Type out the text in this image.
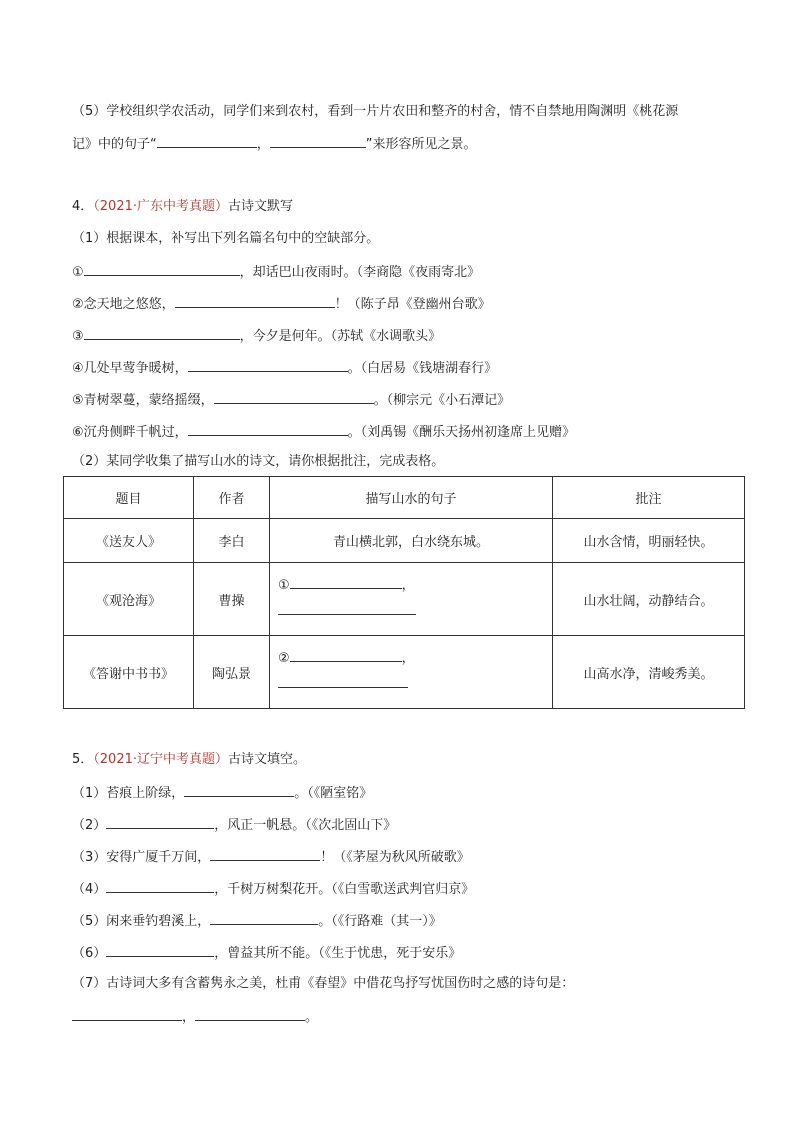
（5）学校组织学农活动，同学们来到农村，看到一片片农田和整齐的村舍，情不自禁地用陶渊明《桃花源
记》中的句子“	，	”来形容所见之景。
4．（2021·广东中考真题）古诗文默写
（1）根据课本，补写出下列名篇名句中的空缺部分。
①	，却话巴山夜雨时。（李商隐《夜雨寄北》
②念天地之悠悠，	！（陈子昂《登幽州台歌》
③	，今夕是何年。（苏轼《水调歌头》
④几处早莺争暖树，	。（白居易《钱塘湖春行》
⑤青树翠蔓，蒙络摇缀，	。（柳宗元《小石潭记》
⑥沉舟侧畔千帆过，	。（刘禹锡《酬乐天扬州初逢席上见赠》
（2）某同学收集了描写山水的诗文，请你根据批注，完成表格。
题目	作者	描写山水的句子	批注
《送友人》	李白	青山横北郭，白水绕东城。	山水含情，明丽轻快。
《观沧海》	曹操	① ，	山水壮阔，动静结合。
《答谢中书书》	陶弘景	② ，	山高水净，清峻秀美。
5．（2021·辽宁中考真题）古诗文填空。
（1）苔痕上阶绿，	。（《陋室铭》
（2）	，风正一帆悬。（《次北固山下》
（3）安得广厦千万间，	！（《茅屋为秋风所破歌》
（4）	，千树万树梨花开。（《白雪歌送武判官归京》
（5）闲来垂钓碧溪上，	。（《行路难（其一）》
（6）	，曾益其所不能。（《生于忧患，死于安乐》
（7）古诗词大多有含蓄隽永之美，杜甫《春望》中借花鸟抒写忧国伤时之感的诗句是：
，	。
